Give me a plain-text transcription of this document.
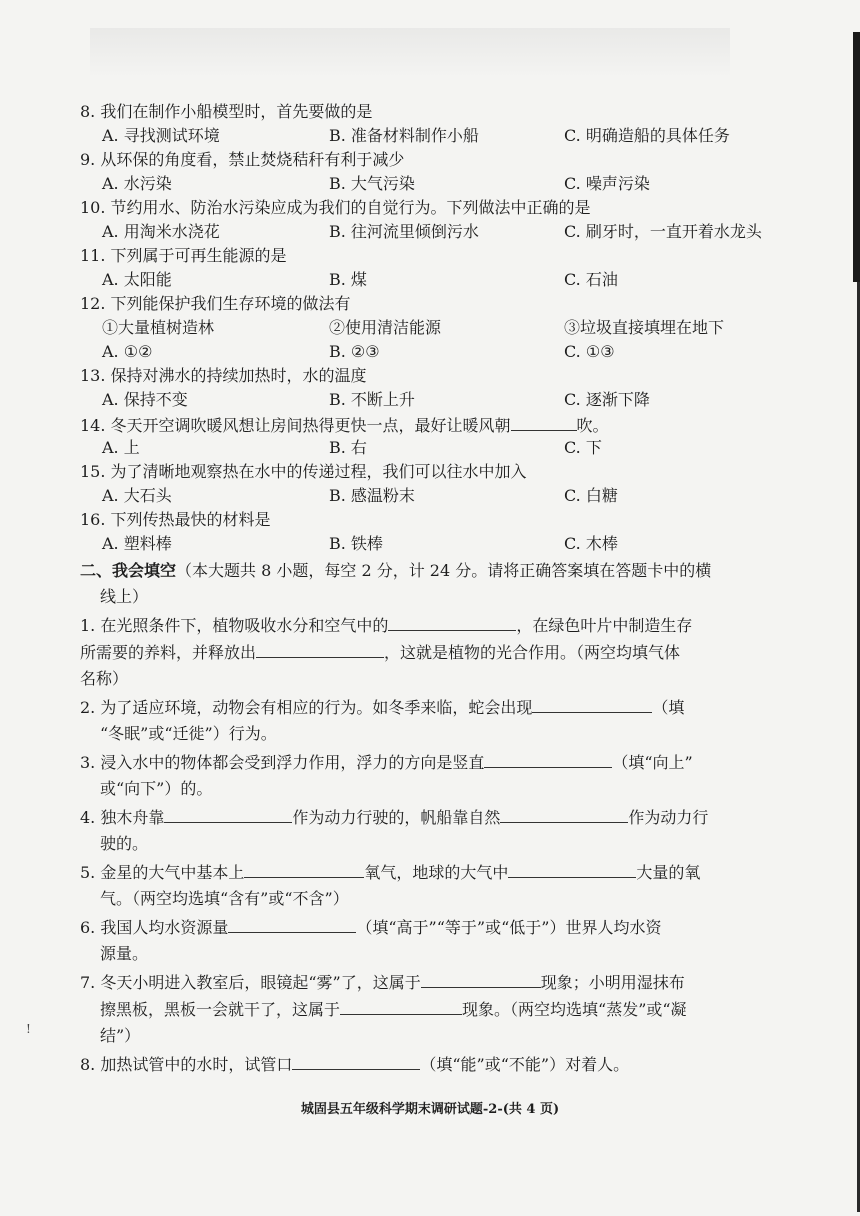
8. 我们在制作小船模型时，首先要做的是
A. 寻找测试环境	B. 准备材料制作小船	C. 明确造船的具体任务
9. 从环保的角度看，禁止焚烧秸秆有利于减少
A. 水污染	B. 大气污染	C. 噪声污染
10. 节约用水、防治水污染应成为我们的自觉行为。下列做法中正确的是
A. 用淘米水浇花	B. 往河流里倾倒污水	C. 刷牙时，一直开着水龙头
11. 下列属于可再生能源的是
A. 太阳能	B. 煤	C. 石油
12. 下列能保护我们生存环境的做法有
①大量植树造林	②使用清洁能源	③垃圾直接填埋在地下
A. ①②	B. ②③	C. ①③
13. 保持对沸水的持续加热时，水的温度
A. 保持不变	B. 不断上升	C. 逐渐下降
14. 冬天开空调吹暖风想让房间热得更快一点，最好让暖风朝	吹。
A. 上	B. 右	C. 下
15. 为了清晰地观察热在水中的传递过程，我们可以往水中加入
A. 大石头	B. 感温粉末	C. 白糖
16. 下列传热最快的材料是
A. 塑料棒	B. 铁棒	C. 木棒
二、我会填空（本大题共 8 小题，每空 2 分，计 24 分。请将正确答案填在答题卡中的横
线上）
1. 在光照条件下，植物吸收水分和空气中的	，在绿色叶片中制造生存
所需要的养料，并释放出	，这就是植物的光合作用。（两空均填气体
名称）
2. 为了适应环境，动物会有相应的行为。如冬季来临，蛇会出现	（填
“冬眠”或“迁徙”）行为。
3. 浸入水中的物体都会受到浮力作用，浮力的方向是竖直	（填“向上”
或“向下”）的。
4. 独木舟靠	作为动力行驶的，帆船靠自然	作为动力行
驶的。
5. 金星的大气中基本上	氧气，地球的大气中	大量的氧
气。（两空均选填“含有”或“不含”）
6. 我国人均水资源量	（填“高于”“等于”或“低于”）世界人均水资
源量。
7. 冬天小明进入教室后，眼镜起“雾”了，这属于	现象；小明用湿抹布
擦黑板，黑板一会就干了，这属于	现象。（两空均选填“蒸发”或“凝
结”）
8. 加热试管中的水时，试管口	（填“能”或“不能”）对着人。
!
城固县五年级科学期末调研试题-2-(共 4 页)
